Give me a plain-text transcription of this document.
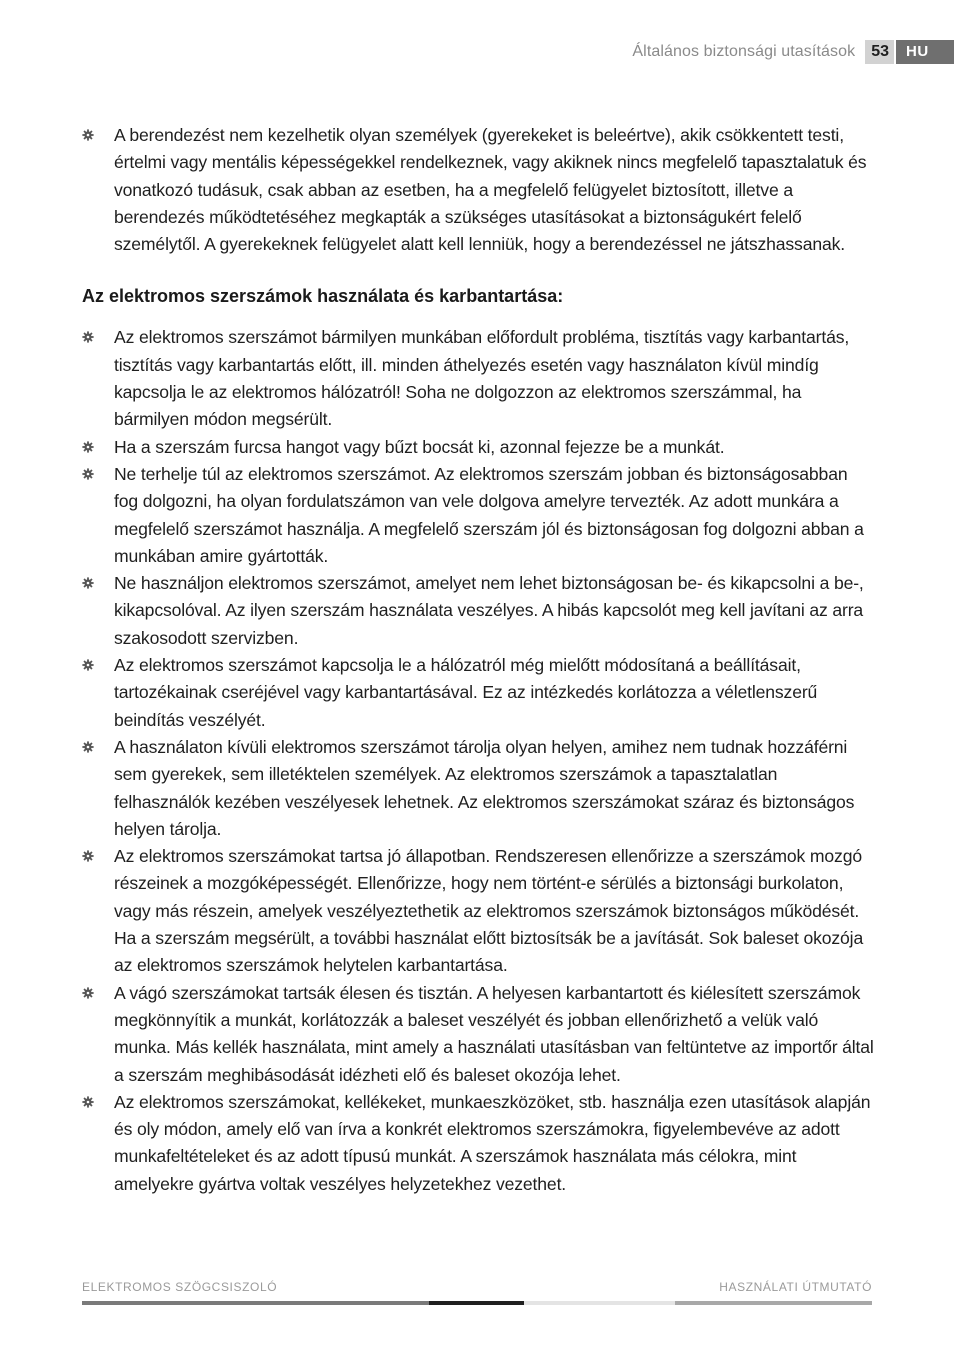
Általános biztonsági utasítások	53	HU
A berendezést nem kezelhetik olyan személyek (gyerekeket is beleértve), akik csökkentett testi, értelmi vagy mentális képességekkel rendelkeznek, vagy akiknek nincs megfelelő tapasztalatuk és vonatkozó tudásuk, csak abban az esetben, ha a megfelelő felügyelet biztosított, illetve a berendezés működtetéséhez megkapták a szükséges utasításokat a biztonságukért felelő személytől. A gyerekeknek felügyelet alatt kell lenniük, hogy a berendezéssel ne játszhassanak.
Az elektromos szerszámok használata és karbantartása:
Az elektromos szerszámot bármilyen munkában előfordult probléma, tisztítás vagy karbantartás, tisztítás vagy karbantartás előtt, ill. minden áthelyezés esetén vagy használaton kívül mindíg kapcsolja le az elektromos hálózatról! Soha ne dolgozzon az elektromos szerszámmal, ha bármilyen módon megsérült.
Ha a szerszám furcsa hangot vagy bűzt bocsát ki, azonnal fejezze be a munkát.
Ne terhelje túl az elektromos szerszámot. Az elektromos szerszám jobban és biztonságosabban fog dolgozni, ha olyan fordulatszámon van vele dolgova amelyre tervezték. Az adott munkára a megfelelő szerszámot használja. A megfelelő szerszám jól és biztonságosan fog dolgozni abban a munkában amire gyártották.
Ne használjon elektromos szerszámot, amelyet nem lehet biztonságosan be- és kikapcsolni a be-, kikapcsolóval. Az ilyen szerszám használata veszélyes. A hibás kapcsolót meg kell javítani az arra szakosodott szervizben.
Az elektromos szerszámot kapcsolja le a hálózatról még mielőtt módosítaná a beállításait, tartozékainak cseréjével vagy karbantartásával. Ez az intézkedés korlátozza a véletlenszerű beindítás veszélyét.
A használaton kívüli elektromos szerszámot tárolja olyan helyen, amihez nem tudnak hozzáférni sem gyerekek, sem illetéktelen személyek. Az elektromos szerszámok a tapasztalatlan felhasználók kezében veszélyesek lehetnek. Az elektromos szerszámokat száraz és biztonságos helyen tárolja.
Az elektromos szerszámokat tartsa jó állapotban. Rendszeresen ellenőrizze a szerszámok mozgó részeinek a mozgóképességét. Ellenőrizze, hogy nem történt-e sérülés a biztonsági burkolaton, vagy más részein, amelyek veszélyeztethetik az elektromos szerszámok biztonságos működését. Ha a szerszám megsérült, a további használat előtt biztosítsák be a javítását. Sok baleset okozója az elektromos szerszámok helytelen karbantartása.
A vágó szerszámokat tartsák élesen és tisztán. A helyesen karbantartott és kiélesített szerszámok megkönnyítik a munkát, korlátozzák a baleset veszélyét és jobban ellenőrizhető a velük való munka. Más kellék használata, mint amely a használati utasításban van feltüntetve az importőr által a szerszám meghibásodását idézheti elő és baleset okozója lehet.
Az elektromos szerszámokat, kellékeket, munkaeszközöket, stb. használja ezen utasítások alapján és oly módon, amely elő van írva a konkrét elektromos szerszámokra, figyelembevéve az adott munkafeltételeket és az adott típusú munkát. A szerszámok használata más célokra, mint amelyekre gyártva voltak veszélyes helyzetekhez vezethet.
ELEKTROMOS SZÖGCSISZOLÓ	HASZNÁLATI ÚTMUTATÓ
